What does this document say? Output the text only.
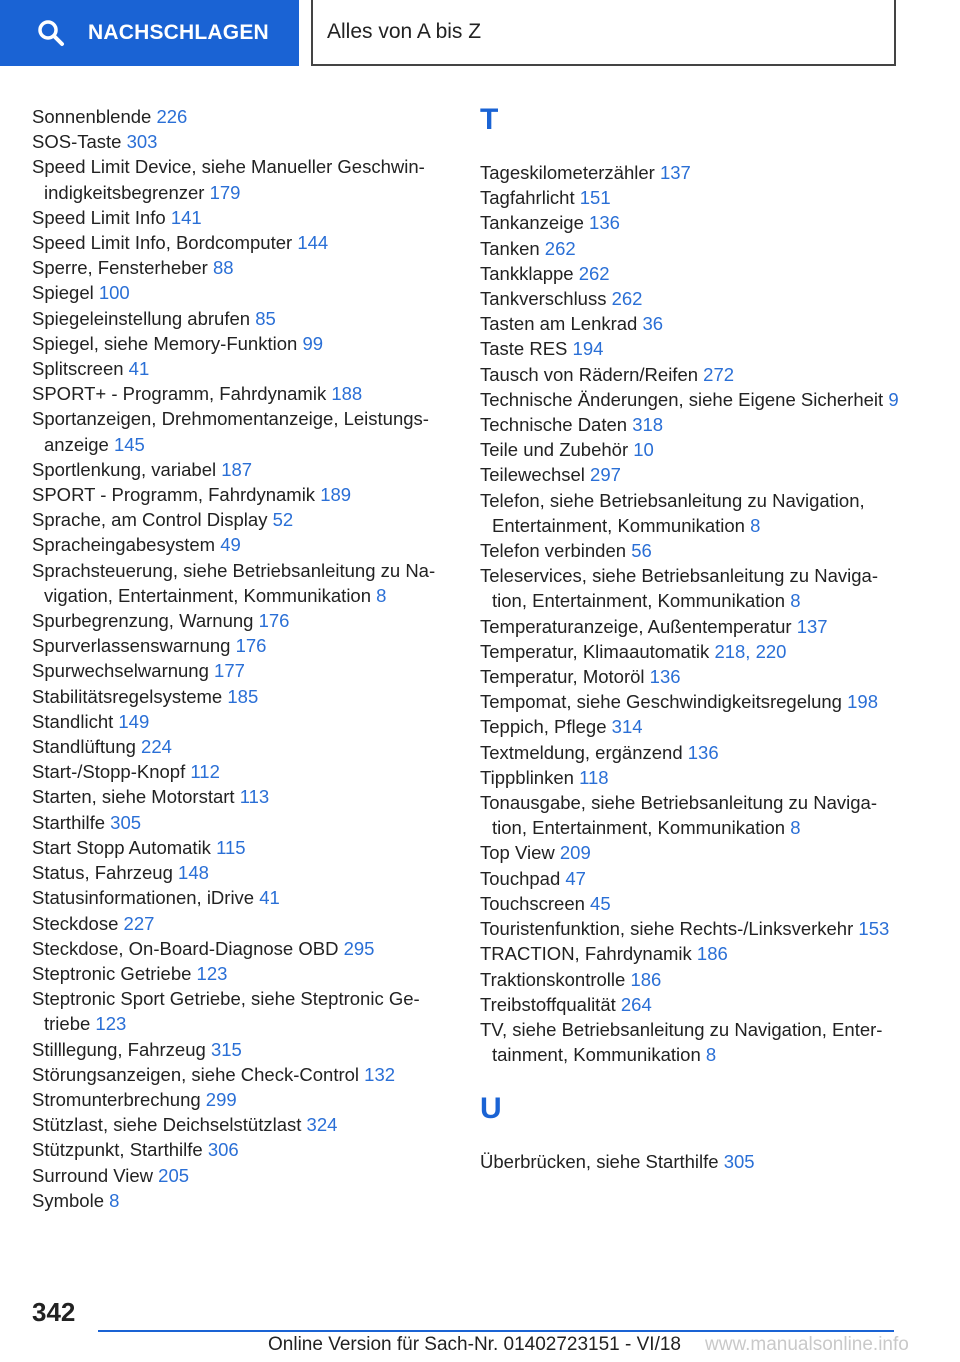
NACHSCHLAGEN	Alles von A bis Z

Sonnenblende 226

SOS-Taste 303

Speed Limit Device, siehe Manueller Geschwinindigkeitsbegrenzer 179

Speed Limit Info 141

Speed Limit Info, Bordcomputer 144

Sperre, Fensterheber 88

Spiegel 100

Spiegeleinstellung abrufen 85

Spiegel, siehe Memory-Funktion 99

Splitscreen 41

SPORT+ - Programm, Fahrdynamik 188

Sportanzeigen, Drehmomentanzeige, Leistungsanzeige 145

Sportlenkung, variabel 187

SPORT - Programm, Fahrdynamik 189

Sprache, am Control Display 52

Spracheingabesystem 49

Sprachsteuerung, siehe Betriebsanleitung zu Navigation, Entertainment, Kommunikation 8

Spurbegrenzung, Warnung 176

Spurverlassenswarnung 176

Spurwechselwarnung 177

Stabilitätsregelsysteme 185

Standlicht 149

Standlüftung 224

Start-/Stopp-Knopf 112

Starten, siehe Motorstart 113

Starthilfe 305

Start Stopp Automatik 115

Status, Fahrzeug 148

Statusinformationen, iDrive 41

Steckdose 227

Steckdose, On-Board-Diagnose OBD 295

Steptronic Getriebe 123

Steptronic Sport Getriebe, siehe Steptronic Getriebe 123

Stilllegung, Fahrzeug 315

Störungsanzeigen, siehe Check-Control 132

Stromunterbrechung 299

Stützlast, siehe Deichselstützlast 324

Stützpunkt, Starthilfe 306

Surround View 205

Symbole 8

T

Tageskilometerzähler 137

Tagfahrlicht 151

Tankanzeige 136

Tanken 262

Tankklappe 262

Tankverschluss 262

Tasten am Lenkrad 36

Taste RES 194

Tausch von Rädern/Reifen 272

Technische Änderungen, siehe Eigene Sicherheit 9

Technische Daten 318

Teile und Zubehör 10

Teilewechsel 297

Telefon, siehe Betriebsanleitung zu Navigation, Entertainment, Kommunikation 8

Telefon verbinden 56

Teleservices, siehe Betriebsanleitung zu Navigation, Entertainment, Kommunikation 8

Temperaturanzeige, Außentemperatur 137

Temperatur, Klimaautomatik 218, 220

Temperatur, Motoröl 136

Tempomat, siehe Geschwindigkeitsregelung 198

Teppich, Pflege 314

Textmeldung, ergänzend 136

Tippblinken 118

Tonausgabe, siehe Betriebsanleitung zu Navigation, Entertainment, Kommunikation 8

Top View 209

Touchpad 47

Touchscreen 45

Touristenfunktion, siehe Rechts-/Linksverkehr 153

TRACTION, Fahrdynamik 186

Traktionskontrolle 186

Treibstoffqualität 264

TV, siehe Betriebsanleitung zu Navigation, Entertainment, Kommunikation 8

U

Überbrücken, siehe Starthilfe 305

342
Online Version für Sach-Nr. 01402723151 - VI/18 www.manualsonline.info
